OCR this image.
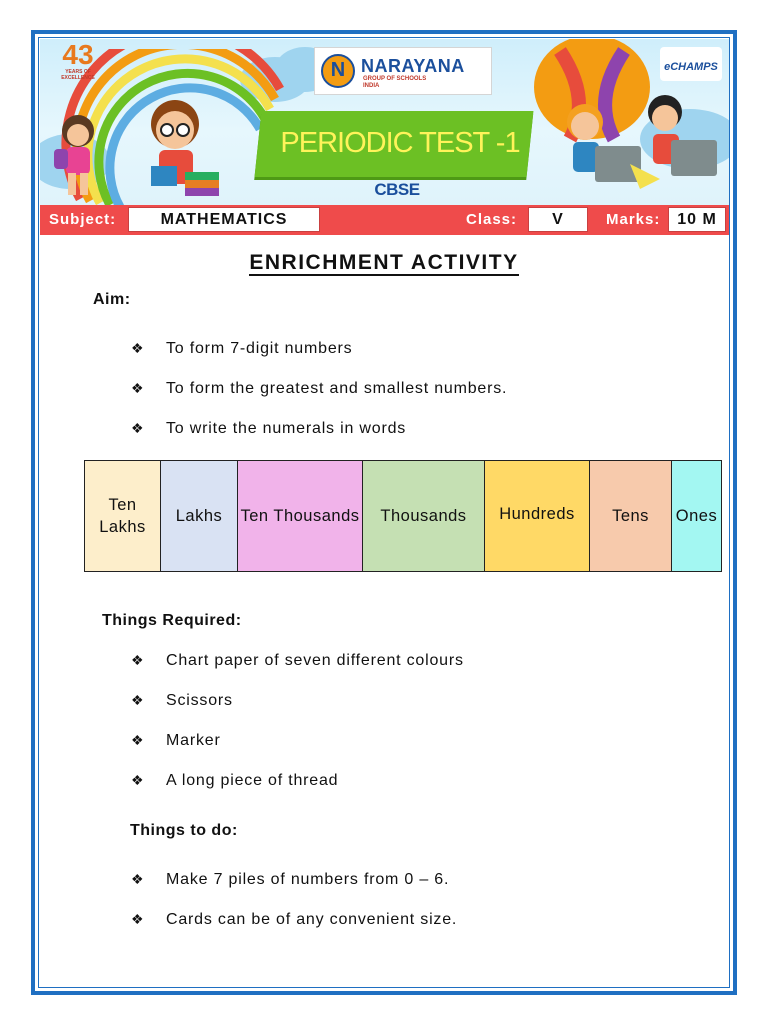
43
YEARS OF EXCELLENCE	N NARAYANA
GROUP OF SCHOOLS INDIA
eCHAMPS
PERIODIC TEST -1
CBSE
Subject:	MATHEMATICS	Class:	V	Marks:	10 M
ENRICHMENT ACTIVITY
Aim:
❖ To form 7-digit numbers
❖ To form the greatest and smallest numbers.
❖ To write the numerals in words
Ten Lakhs	Lakhs	Ten Thousands	Thousands	Hundreds	Tens	Ones
Things Required:
❖ Chart paper of seven different colours
❖ Scissors
❖ Marker
❖ A long piece of thread
Things to do:
❖ Make 7 piles of numbers from 0 – 6.
❖ Cards can be of any convenient size.
